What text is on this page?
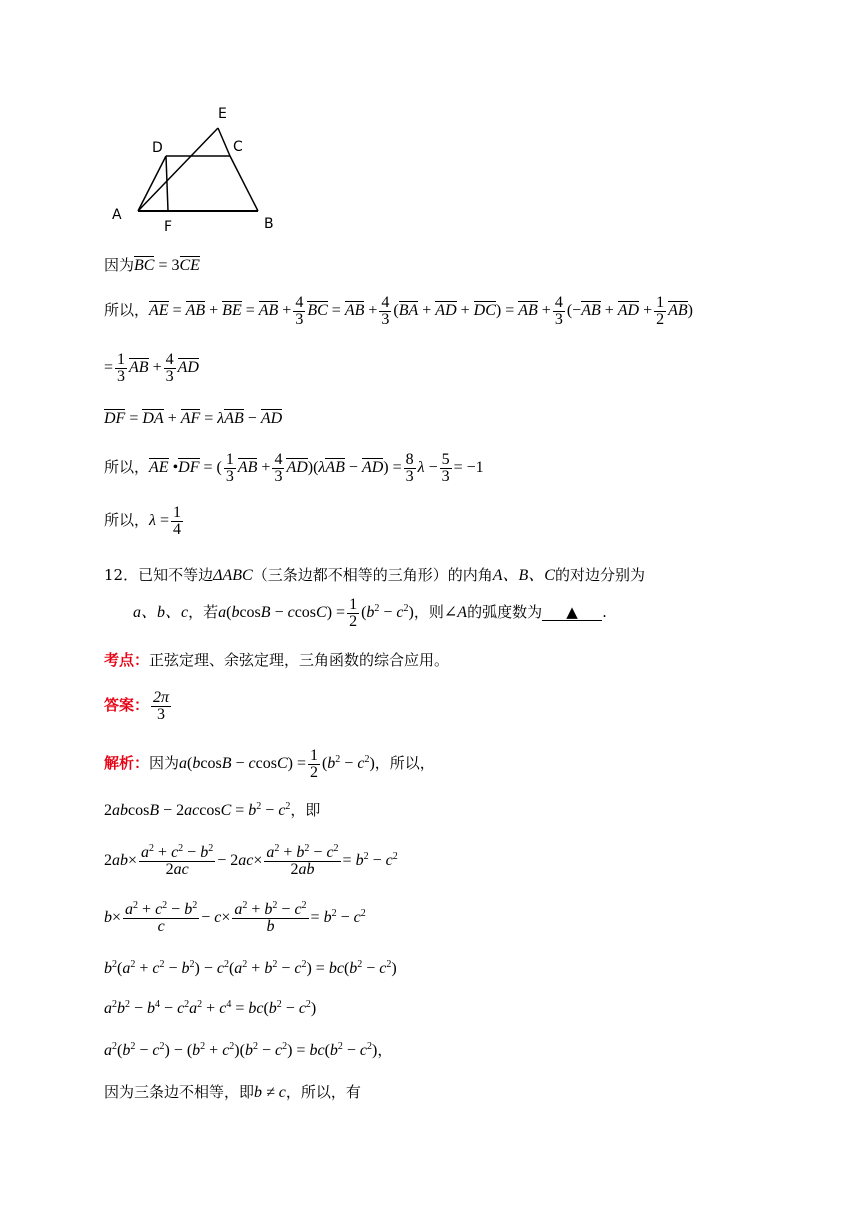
E
D	C
A
F	B
因为BC = 3CE
所以，AE = AB + BE = AB + $\frac{4}{3}$ BC = AB + $\frac{4}{3} (BA$ + AD + DC) = AB + $\frac{4}{3} (-AB$ + AD + $\frac{1}{2} AB$)
= $\frac{1}{3}$ AB + $\frac{4}{3}$ AD
DF = DA + AF = λAB − AD
所以，AE •DF = ( $\frac{1}{3}$ AB + $\frac{4}{3} AD)(\lambda AB - AD) = \frac{8}{3}$ $\lambda - \frac{5}{3} = -1$
所以，$\lambda = \frac{1}{4}$
12．已知不等边ΔABC（三条边都不相等的三角形）的内角A、B、C的对边分别为
a、b、c，若$a(bcosB - ccosC) = \frac{1}{2} (b^2 - c^2)$，则∠A的弧度数为 ▲ .
考点：正弦定理、余弦定理，三角函数的综合应用。
答案： $\frac{2\pi}{3}$
解析：因为$a(bcosB - ccosC) = \frac{1}{2} (b^2 - c^2)$，所以，
$2abcosB - 2accosC = b^2 - c^2$，即
$2ab\times \frac{a^2 + c^2 - b^2}{2ac} - 2ac\times \frac{a^2 + b^2 - c^2}{2ab} = b^2 - c^2$
$b\times \frac{a^2 + c^2 - b^2}{c} - c\times \frac{a^2 + b^2 - c^2}{b} = b^2 - c^2$
$b^2(a^2 + c^2 - b^2) - c^2(a^2 + b^2 - c^2) = bc(b^2 - c^2)$
$a^2b^2 - b^4 - c^2a^2 + c^4 = bc(b^2 - c^2)$
$a^2(b^2 - c^2) - (b^2 + c^2)(b^2 - c^2) = bc(b^2 - c^2)$，
因为三条边不相等，即b ≠ c，所以，有
